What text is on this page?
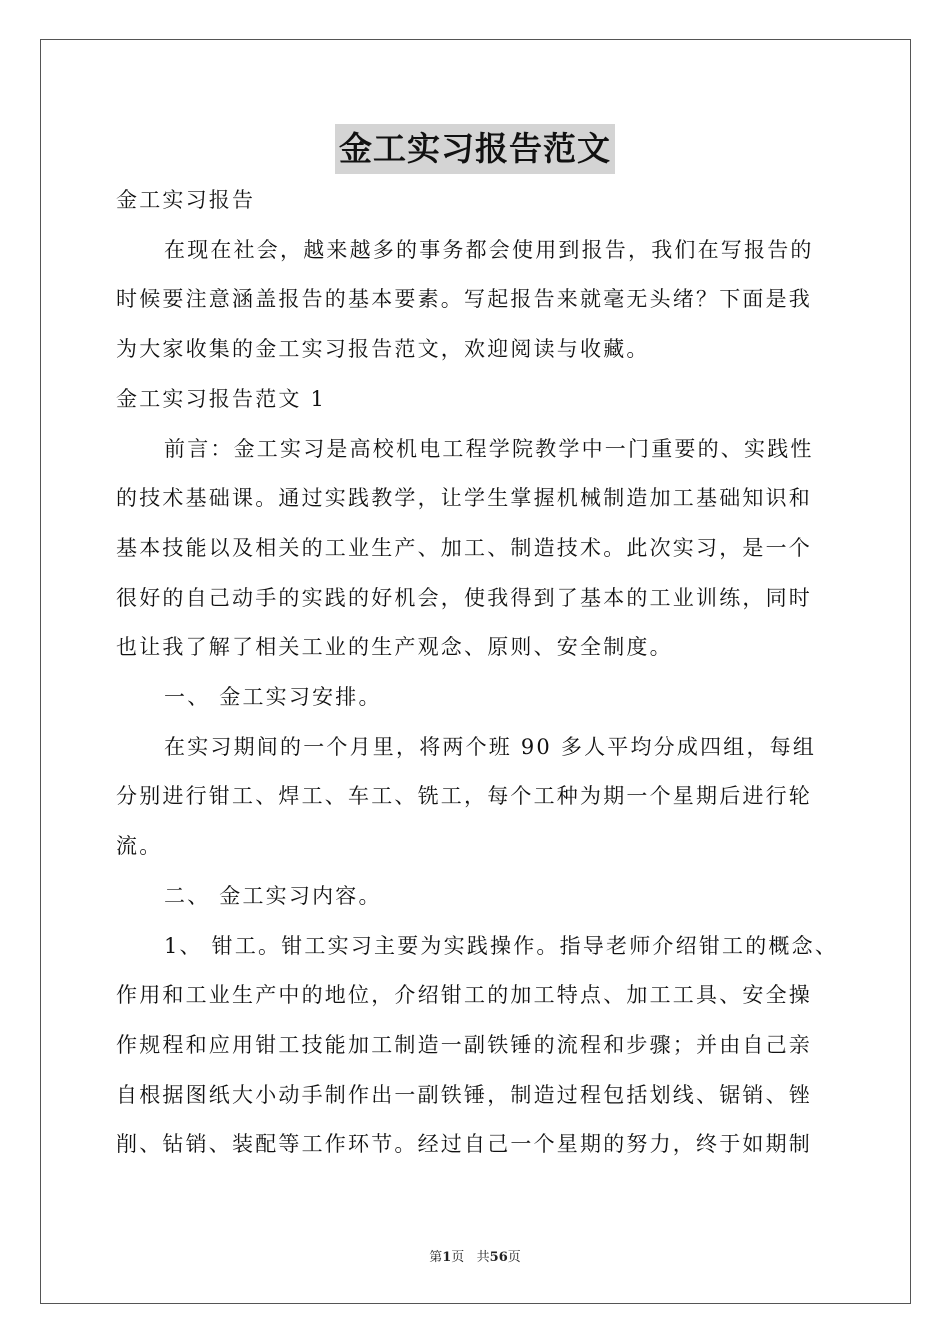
金工实习报告范文

金工实习报告

在现在社会，越来越多的事务都会使用到报告，我们在写报告的

时候要注意涵盖报告的基本要素。写起报告来就毫无头绪？下面是我

为大家收集的金工实习报告范文，欢迎阅读与收藏。

金工实习报告范文 1

前言：金工实习是高校机电工程学院教学中一门重要的、实践性

的技术基础课。通过实践教学，让学生掌握机械制造加工基础知识和

基本技能以及相关的工业生产、加工、制造技术。此次实习，是一个

很好的自己动手的实践的好机会，使我得到了基本的工业训练，同时

也让我了解了相关工业的生产观念、原则、安全制度。

一、 金工实习安排。

在实习期间的一个月里，将两个班 90 多人平均分成四组，每组

分别进行钳工、焊工、车工、铣工，每个工种为期一个星期后进行轮

流。

二、 金工实习内容。

1、 钳工。钳工实习主要为实践操作。指导老师介绍钳工的概念、

作用和工业生产中的地位，介绍钳工的加工特点、加工工具、安全操

作规程和应用钳工技能加工制造一副铁锤的流程和步骤；并由自己亲

自根据图纸大小动手制作出一副铁锤，制造过程包括划线、锯销、锉

削、钻销、装配等工作环节。经过自己一个星期的努力，终于如期制

第1页   共56页
